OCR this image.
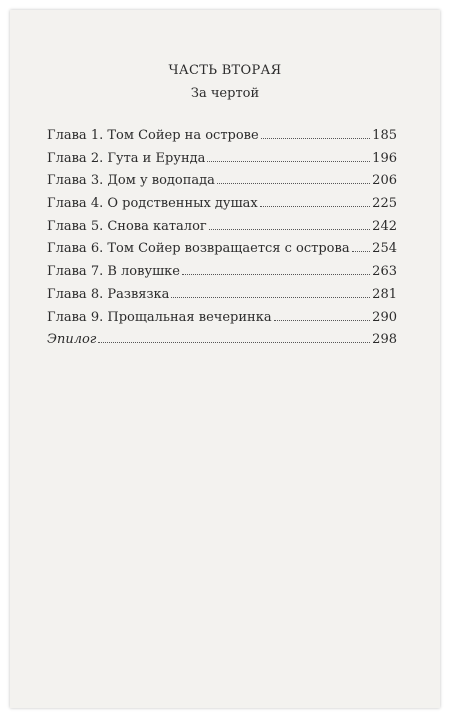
ЧАСТЬ ВТОРАЯ
За чертой
Глава 1. Том Сойер на острове	185
Глава 2. Гута и Ерунда	196
Глава 3. Дом у водопада	206
Глава 4. О родственных душах	225
Глава 5. Снова каталог	242
Глава 6. Том Сойер возвращается с острова 254
Глава 7. В ловушке	263
Глава 8. Развязка	281
Глава 9. Прощальная вечеринка	290
Эпилог	298
